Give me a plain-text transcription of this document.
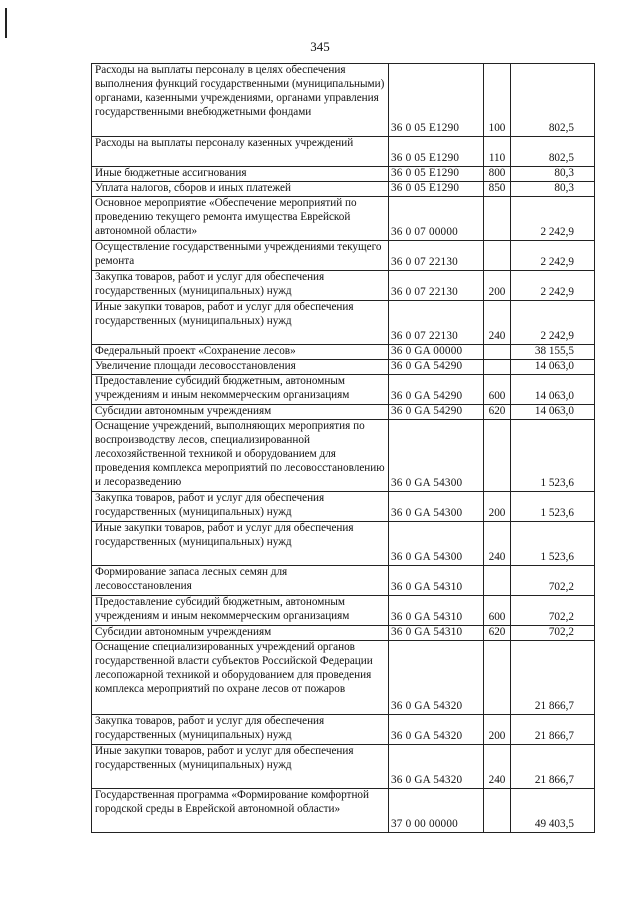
345
Расходы на выплаты персоналу в целях обеспечения выполнения функций государственными (муниципальными) органами, казенными учреждениями, органами управления государственными внебюджетными фондами	36 0 05 Е1290	100	802,5
Расходы на выплаты персоналу казенных учреждений	36 0 05 Е1290	110	802,5
Иные бюджетные ассигнования	36 0 05 Е1290	800	80,3
Уплата налогов, сборов и иных платежей	36 0 05 Е1290	850	80,3
Основное мероприятие «Обеспечение мероприятий по проведению текущего ремонта имущества Еврейской автономной области»	36 0 07 00000		2 242,9
Осуществление государственными учреждениями текущего ремонта	36 0 07 22130		2 242,9
Закупка товаров, работ и услуг для обеспечения государственных (муниципальных) нужд	36 0 07 22130	200	2 242,9
Иные закупки товаров, работ и услуг для обеспечения государственных (муниципальных) нужд	36 0 07 22130	240	2 242,9
Федеральный проект «Сохранение лесов»	36 0 GA 00000		38 155,5
Увеличение площади лесовосстановления	36 0 GA 54290		14 063,0
Предоставление субсидий бюджетным, автономным учреждениям и иным некоммерческим организациям	36 0 GA 54290	600	14 063,0
Субсидии автономным учреждениям	36 0 GA 54290	620	14 063,0
Оснащение учреждений, выполняющих мероприятия по воспроизводству лесов, специализированной лесохозяйственной техникой и оборудованием для проведения комплекса мероприятий по лесовосстановлению и лесоразведению	36 0 GA 54300		1 523,6
Закупка товаров, работ и услуг для обеспечения государственных (муниципальных) нужд	36 0 GA 54300	200	1 523,6
Иные закупки товаров, работ и услуг для обеспечения государственных (муниципальных) нужд	36 0 GA 54300	240	1 523,6
Формирование запаса лесных семян для лесовосстановления	36 0 GA 54310		702,2
Предоставление субсидий бюджетным, автономным учреждениям и иным некоммерческим организациям	36 0 GA 54310	600	702,2
Субсидии автономным учреждениям	36 0 GA 54310	620	702,2
Оснащение специализированных учреждений органов государственной власти субъектов Российской Федерации лесопожарной техникой и оборудованием для проведения комплекса мероприятий по охране лесов от пожаров	36 0 GA 54320		21 866,7
Закупка товаров, работ и услуг для обеспечения государственных (муниципальных) нужд	36 0 GA 54320	200	21 866,7
Иные закупки товаров, работ и услуг для обеспечения государственных (муниципальных) нужд	36 0 GA 54320	240	21 866,7
Государственная программа «Формирование комфортной городской среды в Еврейской автономной области»	37 0 00 00000		49 403,5
